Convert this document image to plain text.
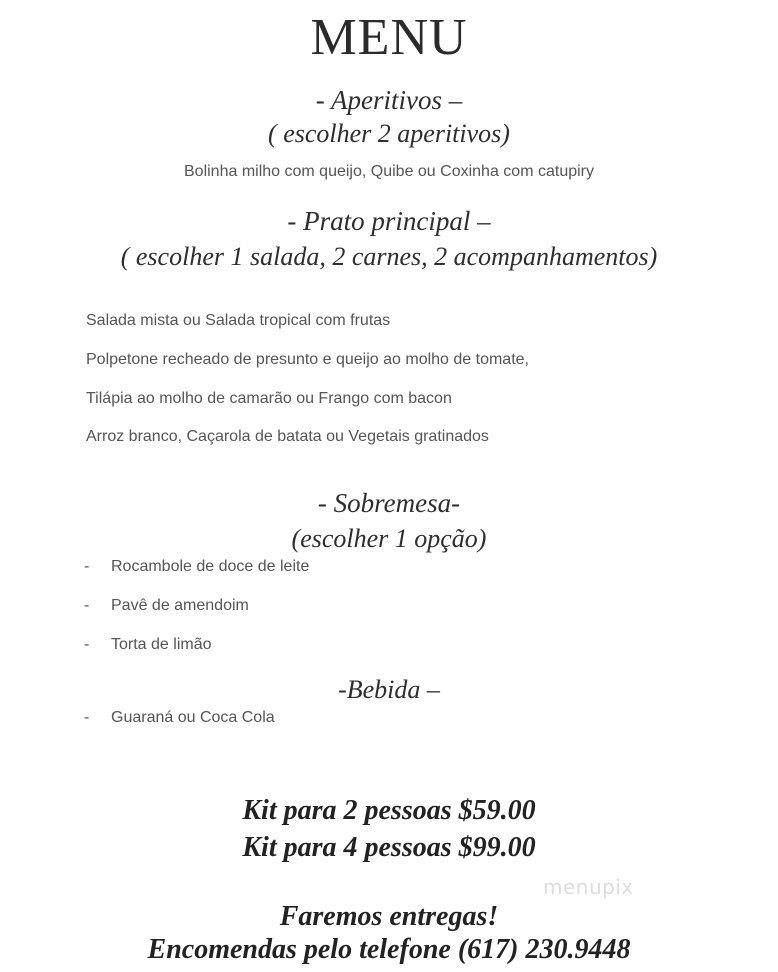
MENU
- Aperitivos –
( escolher 2 aperitivos)
Bolinha milho com queijo, Quibe ou Coxinha com catupiry
- Prato principal –
( escolher 1 salada, 2 carnes, 2 acompanhamentos)
Salada mista ou Salada tropical com frutas
Polpetone recheado de presunto e queijo ao molho de tomate,
Tilápia ao molho de camarão ou Frango com bacon
Arroz branco, Caçarola de batata ou Vegetais gratinados
- Sobremesa-
(escolher 1 opção)
- Rocambole de doce de leite
- Pavê de amendoim
- Torta de limão
-Bebida –
- Guaraná ou Coca Cola
Kit para 2 pessoas $59.00
Kit para 4 pessoas $99.00
Faremos entregas!
Encomendas pelo telefone (617) 230.9448
menupix
